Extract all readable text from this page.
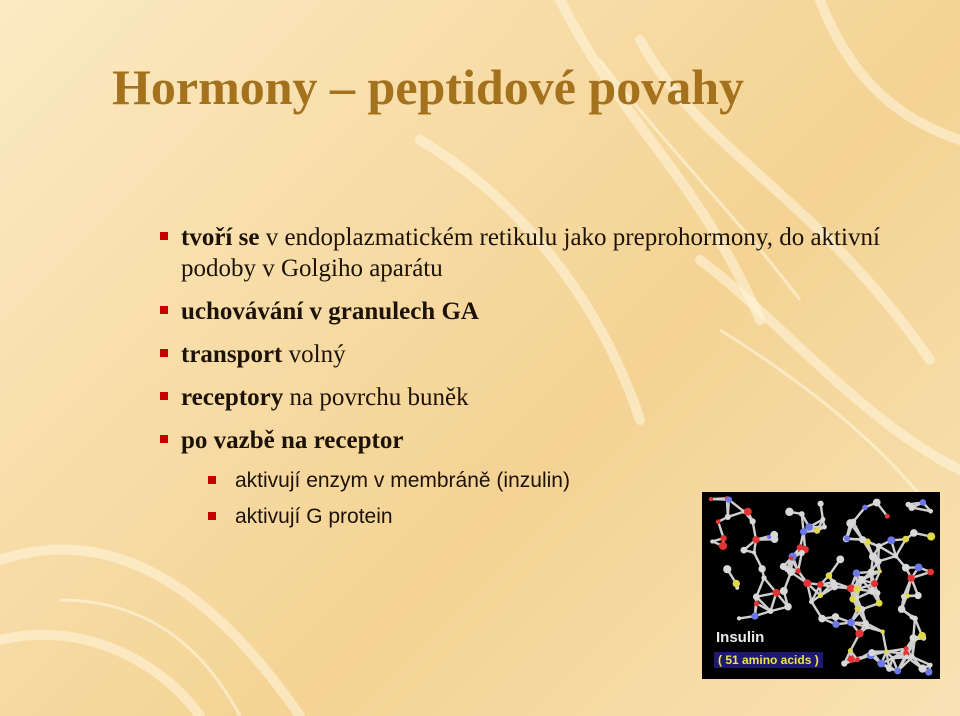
Hormony – peptidové povahy
tvoří se v endoplazmatickém retikulu jako preprohormony, do aktivní podoby v Golgiho aparátu
uchovávání v granulech GA
transport volný
receptory na povrchu buněk
po vazbě na receptor
aktivují enzym v membráně (inzulin)
aktivují G protein
Insulin
( 51 amino acids )
